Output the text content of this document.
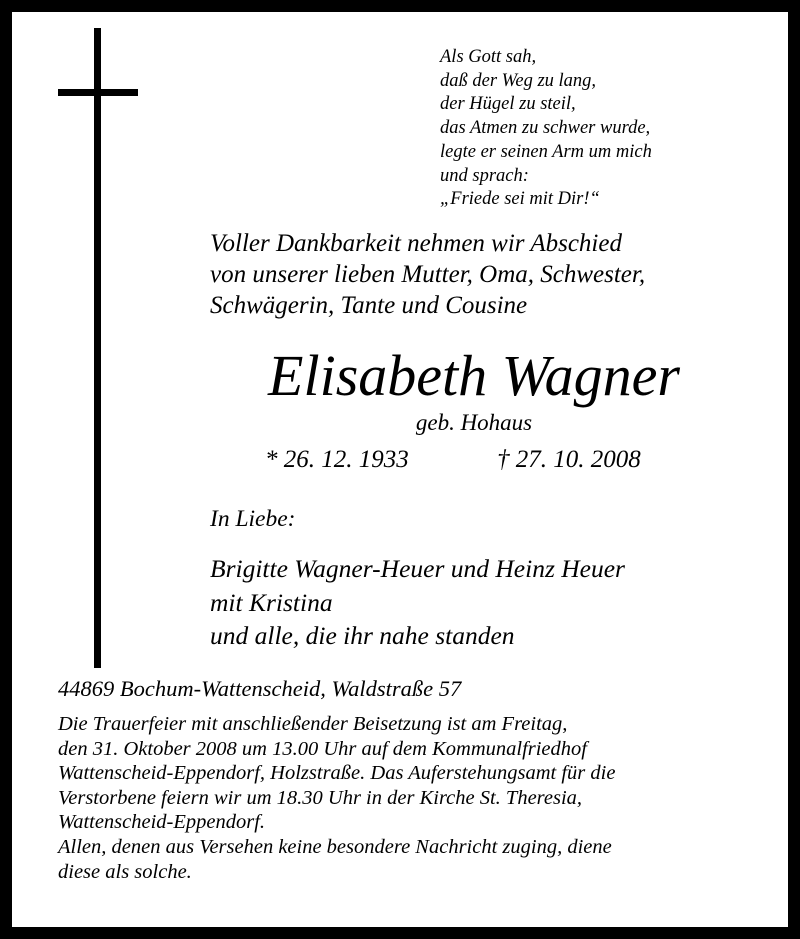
Als Gott sah,
daß der Weg zu lang,
der Hügel zu steil,
das Atmen zu schwer wurde,
legte er seinen Arm um mich
und sprach:
„Friede sei mit Dir!“
Voller Dankbarkeit nehmen wir Abschied
von unserer lieben Mutter, Oma, Schwester,
Schwägerin, Tante und Cousine
Elisabeth Wagner
geb. Hohaus
* 26. 12. 1933	† 27. 10. 2008
In Liebe:
Brigitte Wagner-Heuer und Heinz Heuer
mit Kristina
und alle, die ihr nahe standen
44869 Bochum-Wattenscheid, Waldstraße 57
Die Trauerfeier mit anschließender Beisetzung ist am Freitag,
den 31. Oktober 2008 um 13.00 Uhr auf dem Kommunalfriedhof
Wattenscheid-Eppendorf, Holzstraße. Das Auferstehungsamt für die
Verstorbene feiern wir um 18.30 Uhr in der Kirche St. Theresia,
Wattenscheid-Eppendorf.
Allen, denen aus Versehen keine besondere Nachricht zuging, diene
diese als solche.
